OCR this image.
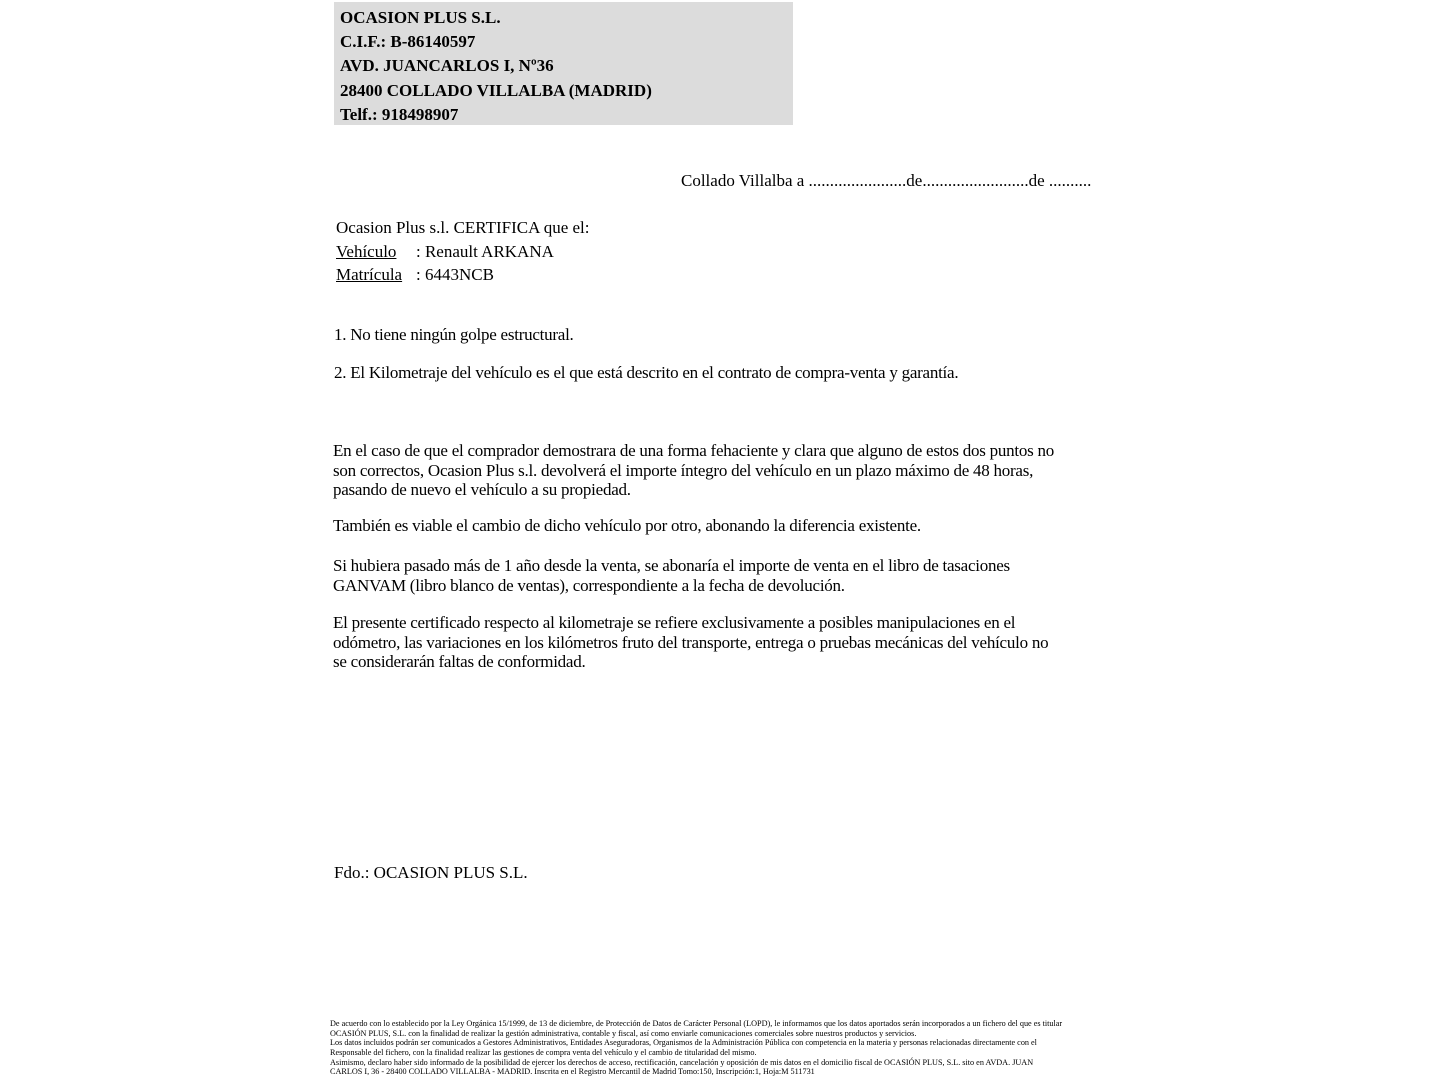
OCASION PLUS S.L.
C.I.F.: B-86140597
AVD. JUANCARLOS I, Nº36
28400 COLLADO VILLALBA (MADRID)
Telf.: 918498907
Collado Villalba a .......................de.........................de ..........
Ocasion Plus s.l. CERTIFICA que el:
Vehículo : Renault ARKANA
Matrícula : 6443NCB
1. No tiene ningún golpe estructural.
2. El Kilometraje del vehículo es el que está descrito en el contrato de compra-venta y garantía.
En el caso de que el comprador demostrara de una forma fehaciente y clara que alguno de estos dos puntos no
son correctos, Ocasion Plus s.l. devolverá el importe íntegro del vehículo en un plazo máximo de 48 horas,
pasando de nuevo el vehículo a su propiedad.
También es viable el cambio de dicho vehículo por otro, abonando la diferencia existente.
Si hubiera pasado más de 1 año desde la venta, se abonaría el importe de venta en el libro de tasaciones
GANVAM (libro blanco de ventas), correspondiente a la fecha de devolución.
El presente certificado respecto al kilometraje se refiere exclusivamente a posibles manipulaciones en el
odómetro, las variaciones en los kilómetros fruto del transporte, entrega o pruebas mecánicas del vehículo no
se considerarán faltas de conformidad.
Fdo.: OCASION PLUS S.L.
De acuerdo con lo establecido por la Ley Orgánica 15/1999, de 13 de diciembre, de Protección de Datos de Carácter Personal (LOPD), le informamos que los datos aportados serán incorporados a un fichero del que es titular
OCASIÓN PLUS, S.L. con la finalidad de realizar la gestión administrativa, contable y fiscal, así como enviarle comunicaciones comerciales sobre nuestros productos y servicios.
Los datos incluidos podrán ser comunicados a Gestores Administrativos, Entidades Aseguradoras, Organismos de la Administración Pública con competencia en la materia y personas relacionadas directamente con el
Responsable del fichero, con la finalidad realizar las gestiones de compra venta del vehículo y el cambio de titularidad del mismo.
Asimismo, declaro haber sido informado de la posibilidad de ejercer los derechos de acceso, rectificación, cancelación y oposición de mis datos en el domicilio fiscal de OCASIÓN PLUS, S.L. sito en AVDA. JUAN
CARLOS I, 36 - 28400 COLLADO VILLALBA - MADRID. Inscrita en el Registro Mercantil de Madrid Tomo:150, Inscripción:1, Hoja:M 511731
